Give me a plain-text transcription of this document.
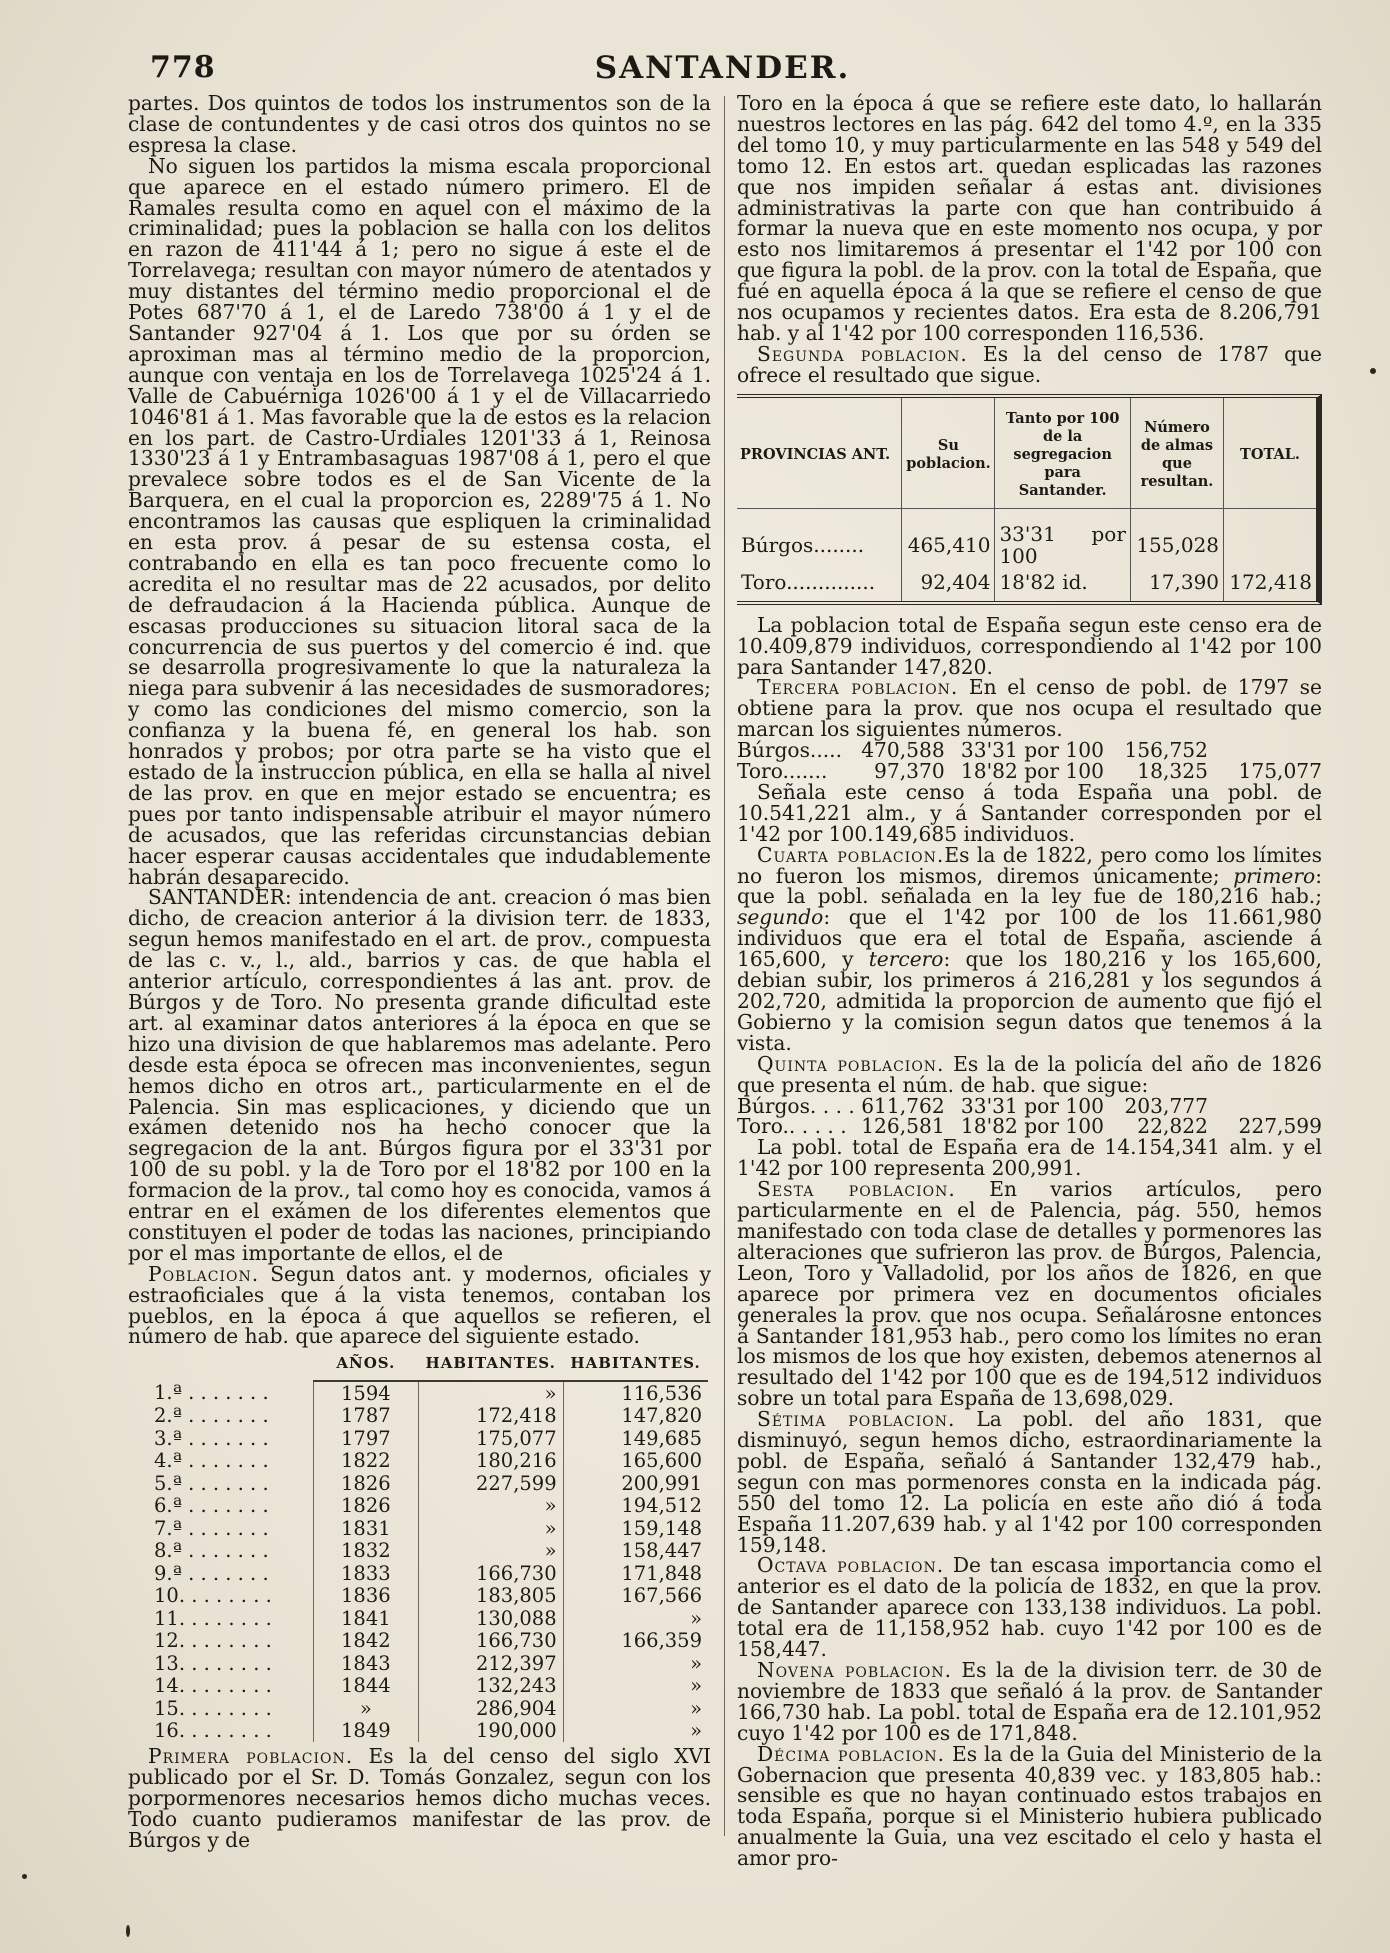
778	SANTANDER.

partes. Dos quintos de todos los instrumentos son de la clase de contundentes y de casi otros dos quintos no se espresa la clase.

No siguen los partidos la misma escala proporcional que aparece en el estado número primero. El de Ramales resulta como en aquel con el máximo de la criminalidad; pues la poblacion se halla con los delitos en razon de 411'44 á 1; pero no sigue á este el de Torrelavega; resultan con mayor número de atentados y muy distantes del término medio proporcional el de Potes 687'70 á 1, el de Laredo 738'00 á 1 y el de Santander 927'04 á 1. Los que por su órden se aproximan mas al término medio de la proporcion, aunque con ventaja en los de Torrelavega 1025'24 á 1. Valle de Cabuérniga 1026'00 á 1 y el de Villacarriedo 1046'81 á 1. Mas favorable que la de estos es la relacion en los part. de Castro-Urdiales 1201'33 á 1, Reinosa 1330'23 á 1 y Entrambasaguas 1987'08 á 1, pero el que prevalece sobre todos es el de San Vicente de la Barquera, en el cual la proporcion es, 2289'75 á 1. No encontramos las causas que espliquen la criminalidad en esta prov. á pesar de su estensa costa, el contrabando en ella es tan poco frecuente como lo acredita el no resultar mas de 22 acusados, por delito de defraudacion á la Hacienda pública. Aunque de escasas producciones su situacion litoral saca de la concurrencia de sus puertos y del comercio é ind. que se desarrolla progresivamente lo que la naturaleza la niega para subvenir á las necesidades de susmoradores; y como las condiciones del mismo comercio, son la confianza y la buena fé, en general los hab. son honrados y probos; por otra parte se ha visto que el estado de la instruccion pública, en ella se halla al nivel de las prov. en que en mejor estado se encuentra; es pues por tanto indispensable atribuir el mayor número de acusados, que las referidas circunstancias debian hacer esperar causas accidentales que indudablemente habrán desaparecido.

SANTANDER: intendencia de ant. creacion ó mas bien dicho, de creacion anterior á la division terr. de 1833, segun hemos manifestado en el art. de prov., compuesta de las c. v., l., ald., barrios y cas. de que habla el anterior artículo, correspondientes á las ant. prov. de Búrgos y de Toro. No presenta grande dificultad este art. al examinar datos anteriores á la época en que se hizo una division de que hablaremos mas adelante. Pero desde esta época se ofrecen mas inconvenientes, segun hemos dicho en otros art., particularmente en el de Palencia. Sin mas esplicaciones, y diciendo que un exámen detenido nos ha hecho conocer que la segregacion de la ant. Búrgos figura por el 33'31 por 100 de su pobl. y la de Toro por el 18'82 por 100 en la formacion de la prov., tal como hoy es conocida, vamos á entrar en el exámen de los diferentes elementos que constituyen el poder de todas las naciones, principiando por el mas importante de ellos, el de

Poblacion. Segun datos ant. y modernos, oficiales y estraoficiales que á la vista tenemos, contaban los pueblos, en la época á que aquellos se refieren, el número de hab. que aparece del siguiente estado.

	AÑOS.	HABITANTES.	HABITANTES.
1.ª . . . . . . .	1594	»	116,536
2.ª . . . . . . .	1787	172,418	147,820
3.ª . . . . . . .	1797	175,077	149,685
4.ª . . . . . . .	1822	180,216	165,600
5.ª . . . . . . .	1826	227,599	200,991
6.ª . . . . . . .	1826	»	194,512
7.ª . . . . . . .	1831	»	159,148
8.ª . . . . . . .	1832	»	158,447
9.ª . . . . . . .	1833	166,730	171,848
10. . . . . . . .	1836	183,805	167,566
11. . . . . . . .	1841	130,088	»
12. . . . . . . .	1842	166,730	166,359
13. . . . . . . .	1843	212,397	»
14. . . . . . . .	1844	132,243	»
15. . . . . . . .	»	286,904	»
16. . . . . . . .	1849	190,000	»

Primera poblacion. Es la del censo del siglo XVI publicado por el Sr. D. Tomás Gonzalez, segun con los porpormenores necesarios hemos dicho muchas veces. Todo cuanto pudieramos manifestar de las prov. de Búrgos y de

Toro en la época á que se refiere este dato, lo hallarán nuestros lectores en las pág. 642 del tomo 4.º, en la 335 del tomo 10, y muy particularmente en las 548 y 549 del tomo 12. En estos art. quedan esplicadas las razones que nos impiden señalar á estas ant. divisiones administrativas la parte con que han contribuido á formar la nueva que en este momento nos ocupa, y por esto nos limitaremos á presentar el 1'42 por 100 con que figura la pobl. de la prov. con la total de España, que fué en aquella época á la que se refiere el censo de que nos ocupamos y recientes datos. Era esta de 8.206,791 hab. y al 1'42 por 100 corresponden 116,536.

Segunda poblacion. Es la del censo de 1787 que ofrece el resultado que sigue.

PROVINCIAS ANT.	Su poblacion.	Tanto por 100 de la segregacion para Santander.	Número de almas que resultan.	TOTAL.
Búrgos........	465,410	33'31 por 100	155,028	
Toro..............	92,404	18'82 id.	17,390	172,418

La poblacion total de España segun este censo era de 10.409,879 individuos, correspondiendo al 1'42 por 100 para Santander 147,820.

Tercera poblacion. En el censo de pobl. de 1797 se obtiene para la prov. que nos ocupa el resultado que marcan los siguientes números.

Búrgos..... 470,588 33'31 por 100 156,752
Toro.......	97,370 18'82 por 100	18,325	175,077

Señala este censo á toda España una pobl. de 10.541,221 alm., y á Santander corresponden por el 1'42 por 100.149,685 individuos.

Cuarta poblacion.Es la de 1822, pero como los límites no fueron los mismos, diremos únicamente; primero: que la pobl. señalada en la ley fue de 180,216 hab.; segundo: que el 1'42 por 100 de los 11.661,980 individuos que era el total de España, asciende á 165,600, y tercero: que los 180,216 y los 165,600, debian subir, los primeros á 216,281 y los segundos á 202,720, admitida la proporcion de aumento que fijó el Gobierno y la comision segun datos que tenemos á la vista.

Quinta poblacion. Es la de la policía del año de 1826 que presenta el núm. de hab. que sigue:

Búrgos. . . . 611,762 33'31 por 100 203,777
Toro.. . . . . 126,581 18'82 por 100	22,822	227,599

La pobl. total de España era de 14.154,341 alm. y el 1'42 por 100 representa 200,991.

Sesta poblacion. En varios artículos, pero particularmente en el de Palencia, pág. 550, hemos manifestado con toda clase de detalles y pormenores las alteraciones que sufrieron las prov. de Búrgos, Palencia, Leon, Toro y Valladolid, por los años de 1826, en que aparece por primera vez en documentos oficiales generales la prov. que nos ocupa. Señalárosne entonces á Santander 181,953 hab., pero como los límites no eran los mismos de los que hoy existen, debemos atenernos al resultado del 1'42 por 100 que es de 194,512 individuos sobre un total para España de 13,698,029.

Sétima poblacion. La pobl. del año 1831, que disminuyó, segun hemos dicho, estraordinariamente la pobl. de España, señaló á Santander 132,479 hab., segun con mas pormenores consta en la indicada pág. 550 del tomo 12. La policía en este año dió á toda España 11.207,639 hab. y al 1'42 por 100 corresponden 159,148.

Octava poblacion. De tan escasa importancia como el anterior es el dato de la policía de 1832, en que la prov. de Santander aparece con 133,138 individuos. La pobl. total era de 11,158,952 hab. cuyo 1'42 por 100 es de 158,447.

Novena poblacion. Es la de la division terr. de 30 de noviembre de 1833 que señaló á la prov. de Santander 166,730 hab. La pobl. total de España era de 12.101,952 cuyo 1'42 por 100 es de 171,848.

Décima poblacion. Es la de la Guia del Ministerio de la Gobernacion que presenta 40,839 vec. y 183,805 hab.: sensible es que no hayan continuado estos trabajos en toda España, porque si el Ministerio hubiera publicado anualmente la Guia, una vez escitado el celo y hasta el amor pro-
